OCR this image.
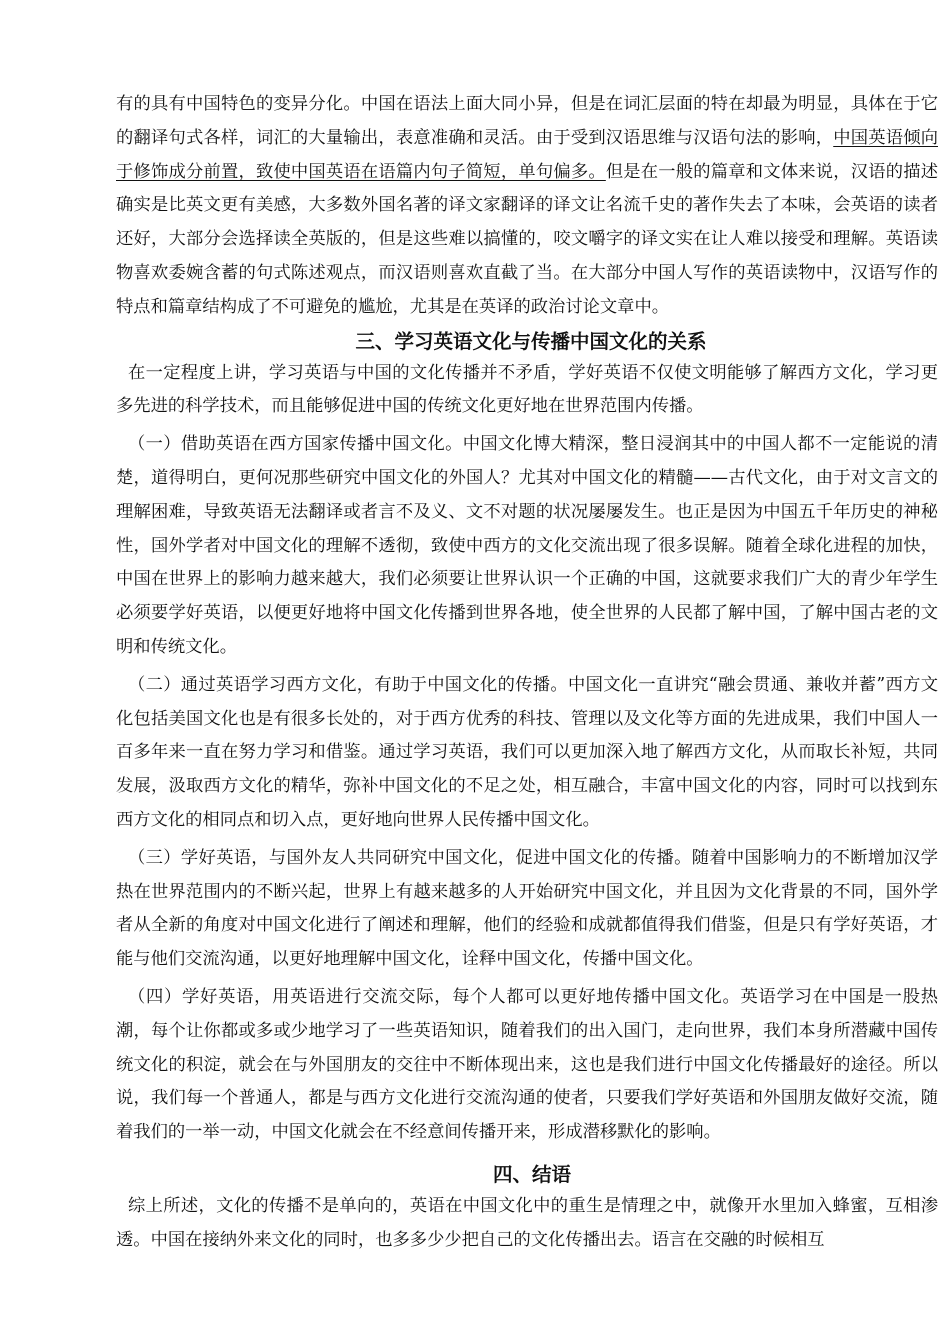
有的具有中国特色的变异分化。中国在语法上面大同小异，但是在词汇层面的特在却最为明显，具体在于它的翻译句式各样，词汇的大量输出，表意准确和灵活。由于受到汉语思维与汉语句法的影响，中国英语倾向于修饰成分前置，致使中国英语在语篇内句子简短，单句偏多。但是在一般的篇章和文体来说，汉语的描述确实是比英文更有美感，大多数外国名著的译文家翻译的译文让名流千史的著作失去了本味，会英语的读者还好，大部分会选择读全英版的，但是这些难以搞懂的，咬文嚼字的译文实在让人难以接受和理解。英语读物喜欢委婉含蓄的句式陈述观点，而汉语则喜欢直截了当。在大部分中国人写作的英语读物中，汉语写作的特点和篇章结构成了不可避免的尴尬，尤其是在英译的政治讨论文章中。

三、学习英语文化与传播中国文化的关系

在一定程度上讲，学习英语与中国的文化传播并不矛盾，学好英语不仅使文明能够了解西方文化，学习更多先进的科学技术，而且能够促进中国的传统文化更好地在世界范围内传播。

（一）借助英语在西方国家传播中国文化。中国文化博大精深，整日浸润其中的中国人都不一定能说的清楚，道得明白，更何况那些研究中国文化的外国人？尤其对中国文化的精髓——古代文化，由于对文言文的理解困难，导致英语无法翻译或者言不及义、文不对题的状况屡屡发生。也正是因为中国五千年历史的神秘性，国外学者对中国文化的理解不透彻，致使中西方的文化交流出现了很多误解。随着全球化进程的加快，中国在世界上的影响力越来越大，我们必须要让世界认识一个正确的中国，这就要求我们广大的青少年学生必须要学好英语，以便更好地将中国文化传播到世界各地，使全世界的人民都了解中国，了解中国古老的文明和传统文化。

（二）通过英语学习西方文化，有助于中国文化的传播。中国文化一直讲究“融会贯通、兼收并蓄”西方文化包括美国文化也是有很多长处的，对于西方优秀的科技、管理以及文化等方面的先进成果，我们中国人一百多年来一直在努力学习和借鉴。通过学习英语，我们可以更加深入地了解西方文化，从而取长补短，共同发展，汲取西方文化的精华，弥补中国文化的不足之处，相互融合，丰富中国文化的内容，同时可以找到东西方文化的相同点和切入点，更好地向世界人民传播中国文化。

（三）学好英语，与国外友人共同研究中国文化，促进中国文化的传播。随着中国影响力的不断增加汉学热在世界范围内的不断兴起，世界上有越来越多的人开始研究中国文化，并且因为文化背景的不同，国外学者从全新的角度对中国文化进行了阐述和理解，他们的经验和成就都值得我们借鉴，但是只有学好英语，才能与他们交流沟通，以更好地理解中国文化，诠释中国文化，传播中国文化。

（四）学好英语，用英语进行交流交际，每个人都可以更好地传播中国文化。英语学习在中国是一股热潮，每个让你都或多或少地学习了一些英语知识，随着我们的出入国门，走向世界，我们本身所潜藏中国传统文化的积淀，就会在与外国朋友的交往中不断体现出来，这也是我们进行中国文化传播最好的途径。所以说，我们每一个普通人，都是与西方文化进行交流沟通的使者，只要我们学好英语和外国朋友做好交流，随着我们的一举一动，中国文化就会在不经意间传播开来，形成潜移默化的影响。

四、结语

综上所述，文化的传播不是单向的，英语在中国文化中的重生是情理之中，就像开水里加入蜂蜜，互相渗透。中国在接纳外来文化的同时，也多多少少把自己的文化传播出去。语言在交融的时候相互
